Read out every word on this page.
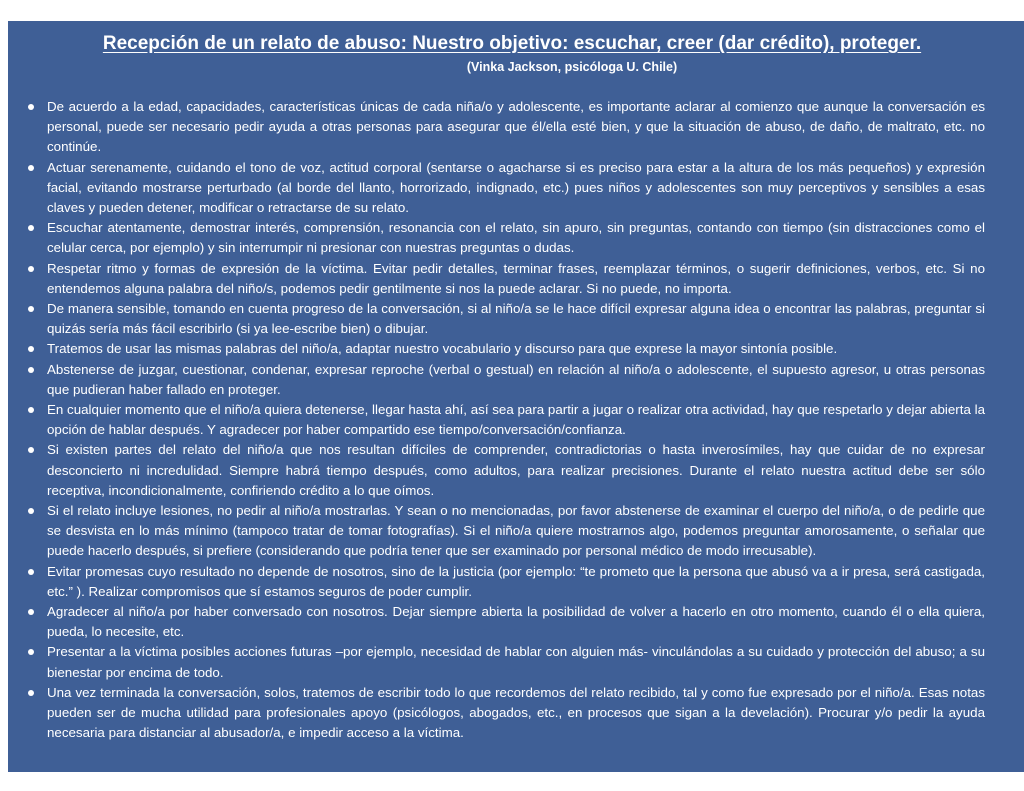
Recepción de un relato de abuso: Nuestro objetivo: escuchar, creer (dar crédito), proteger.
(Vinka Jackson, psicóloga U. Chile)
De acuerdo a la edad, capacidades, características únicas de cada niña/o y adolescente, es importante aclarar al comienzo que aunque la conversación es personal, puede ser necesario pedir ayuda a otras personas para asegurar que él/ella esté bien, y que la situación de abuso, de daño, de maltrato, etc. no continúe.
Actuar serenamente, cuidando el tono de voz, actitud corporal (sentarse o agacharse si es preciso para estar a la altura de los más pequeños) y expresión facial, evitando mostrarse perturbado (al borde del llanto, horrorizado, indignado, etc.) pues niños y adolescentes son muy perceptivos y sensibles a esas claves y pueden detener, modificar o retractarse de su relato.
Escuchar atentamente, demostrar interés, comprensión, resonancia con el relato, sin apuro, sin preguntas, contando con tiempo (sin distracciones como el celular cerca, por ejemplo) y sin interrumpir ni presionar con nuestras preguntas o dudas.
Respetar ritmo y formas de expresión de la víctima. Evitar pedir detalles, terminar frases, reemplazar términos, o sugerir definiciones, verbos, etc. Si no entendemos alguna palabra del niño/s, podemos pedir gentilmente si nos la puede aclarar. Si no puede, no importa.
De manera sensible, tomando en cuenta progreso de la conversación, si al niño/a se le hace difícil expresar alguna idea o encontrar las palabras, preguntar si quizás sería más fácil escribirlo (si ya lee-escribe bien) o dibujar.
Tratemos de usar las mismas palabras del niño/a, adaptar nuestro vocabulario y discurso para que exprese la mayor sintonía posible.
Abstenerse de juzgar, cuestionar, condenar, expresar reproche (verbal o gestual) en relación al niño/a o adolescente, el supuesto agresor, u otras personas que pudieran haber fallado en proteger.
En cualquier momento que el niño/a quiera detenerse, llegar hasta ahí, así sea para partir a jugar o realizar otra actividad, hay que respetarlo y dejar abierta la opción de hablar después. Y agradecer por haber compartido ese tiempo/conversación/confianza.
Si existen partes del relato del niño/a que nos resultan difíciles de comprender, contradictorias o hasta inverosímiles, hay que cuidar de no expresar desconcierto ni incredulidad. Siempre habrá tiempo después, como adultos, para realizar precisiones. Durante el relato nuestra actitud debe ser sólo receptiva, incondicionalmente, confiriendo crédito a lo que oímos.
Si el relato incluye lesiones, no pedir al niño/a mostrarlas. Y sean o no mencionadas, por favor abstenerse de examinar el cuerpo del niño/a, o de pedirle que se desvista en lo más mínimo (tampoco tratar de tomar fotografías). Si el niño/a quiere mostrarnos algo, podemos preguntar amorosamente, o señalar que puede hacerlo después, si prefiere (considerando que podría tener que ser examinado por personal médico de modo irrecusable).
Evitar promesas cuyo resultado no depende de nosotros, sino de la justicia (por ejemplo: “te prometo que la persona que abusó va a ir presa, será castigada, etc.” ). Realizar compromisos que sí estamos seguros de poder cumplir.
Agradecer al niño/a por haber conversado con nosotros. Dejar siempre abierta la posibilidad de volver a hacerlo en otro momento, cuando él o ella quiera, pueda, lo necesite, etc.
Presentar a la víctima posibles acciones futuras –por ejemplo, necesidad de hablar con alguien más- vinculándolas a su cuidado y protección del abuso; a su bienestar por encima de todo.
Una vez terminada la conversación, solos, tratemos de escribir todo lo que recordemos del relato recibido, tal y como fue expresado por el niño/a. Esas notas pueden ser de mucha utilidad para profesionales apoyo (psicólogos, abogados, etc., en procesos que sigan a la develación). Procurar y/o pedir la ayuda necesaria para distanciar al abusador/a, e impedir acceso a la víctima.
